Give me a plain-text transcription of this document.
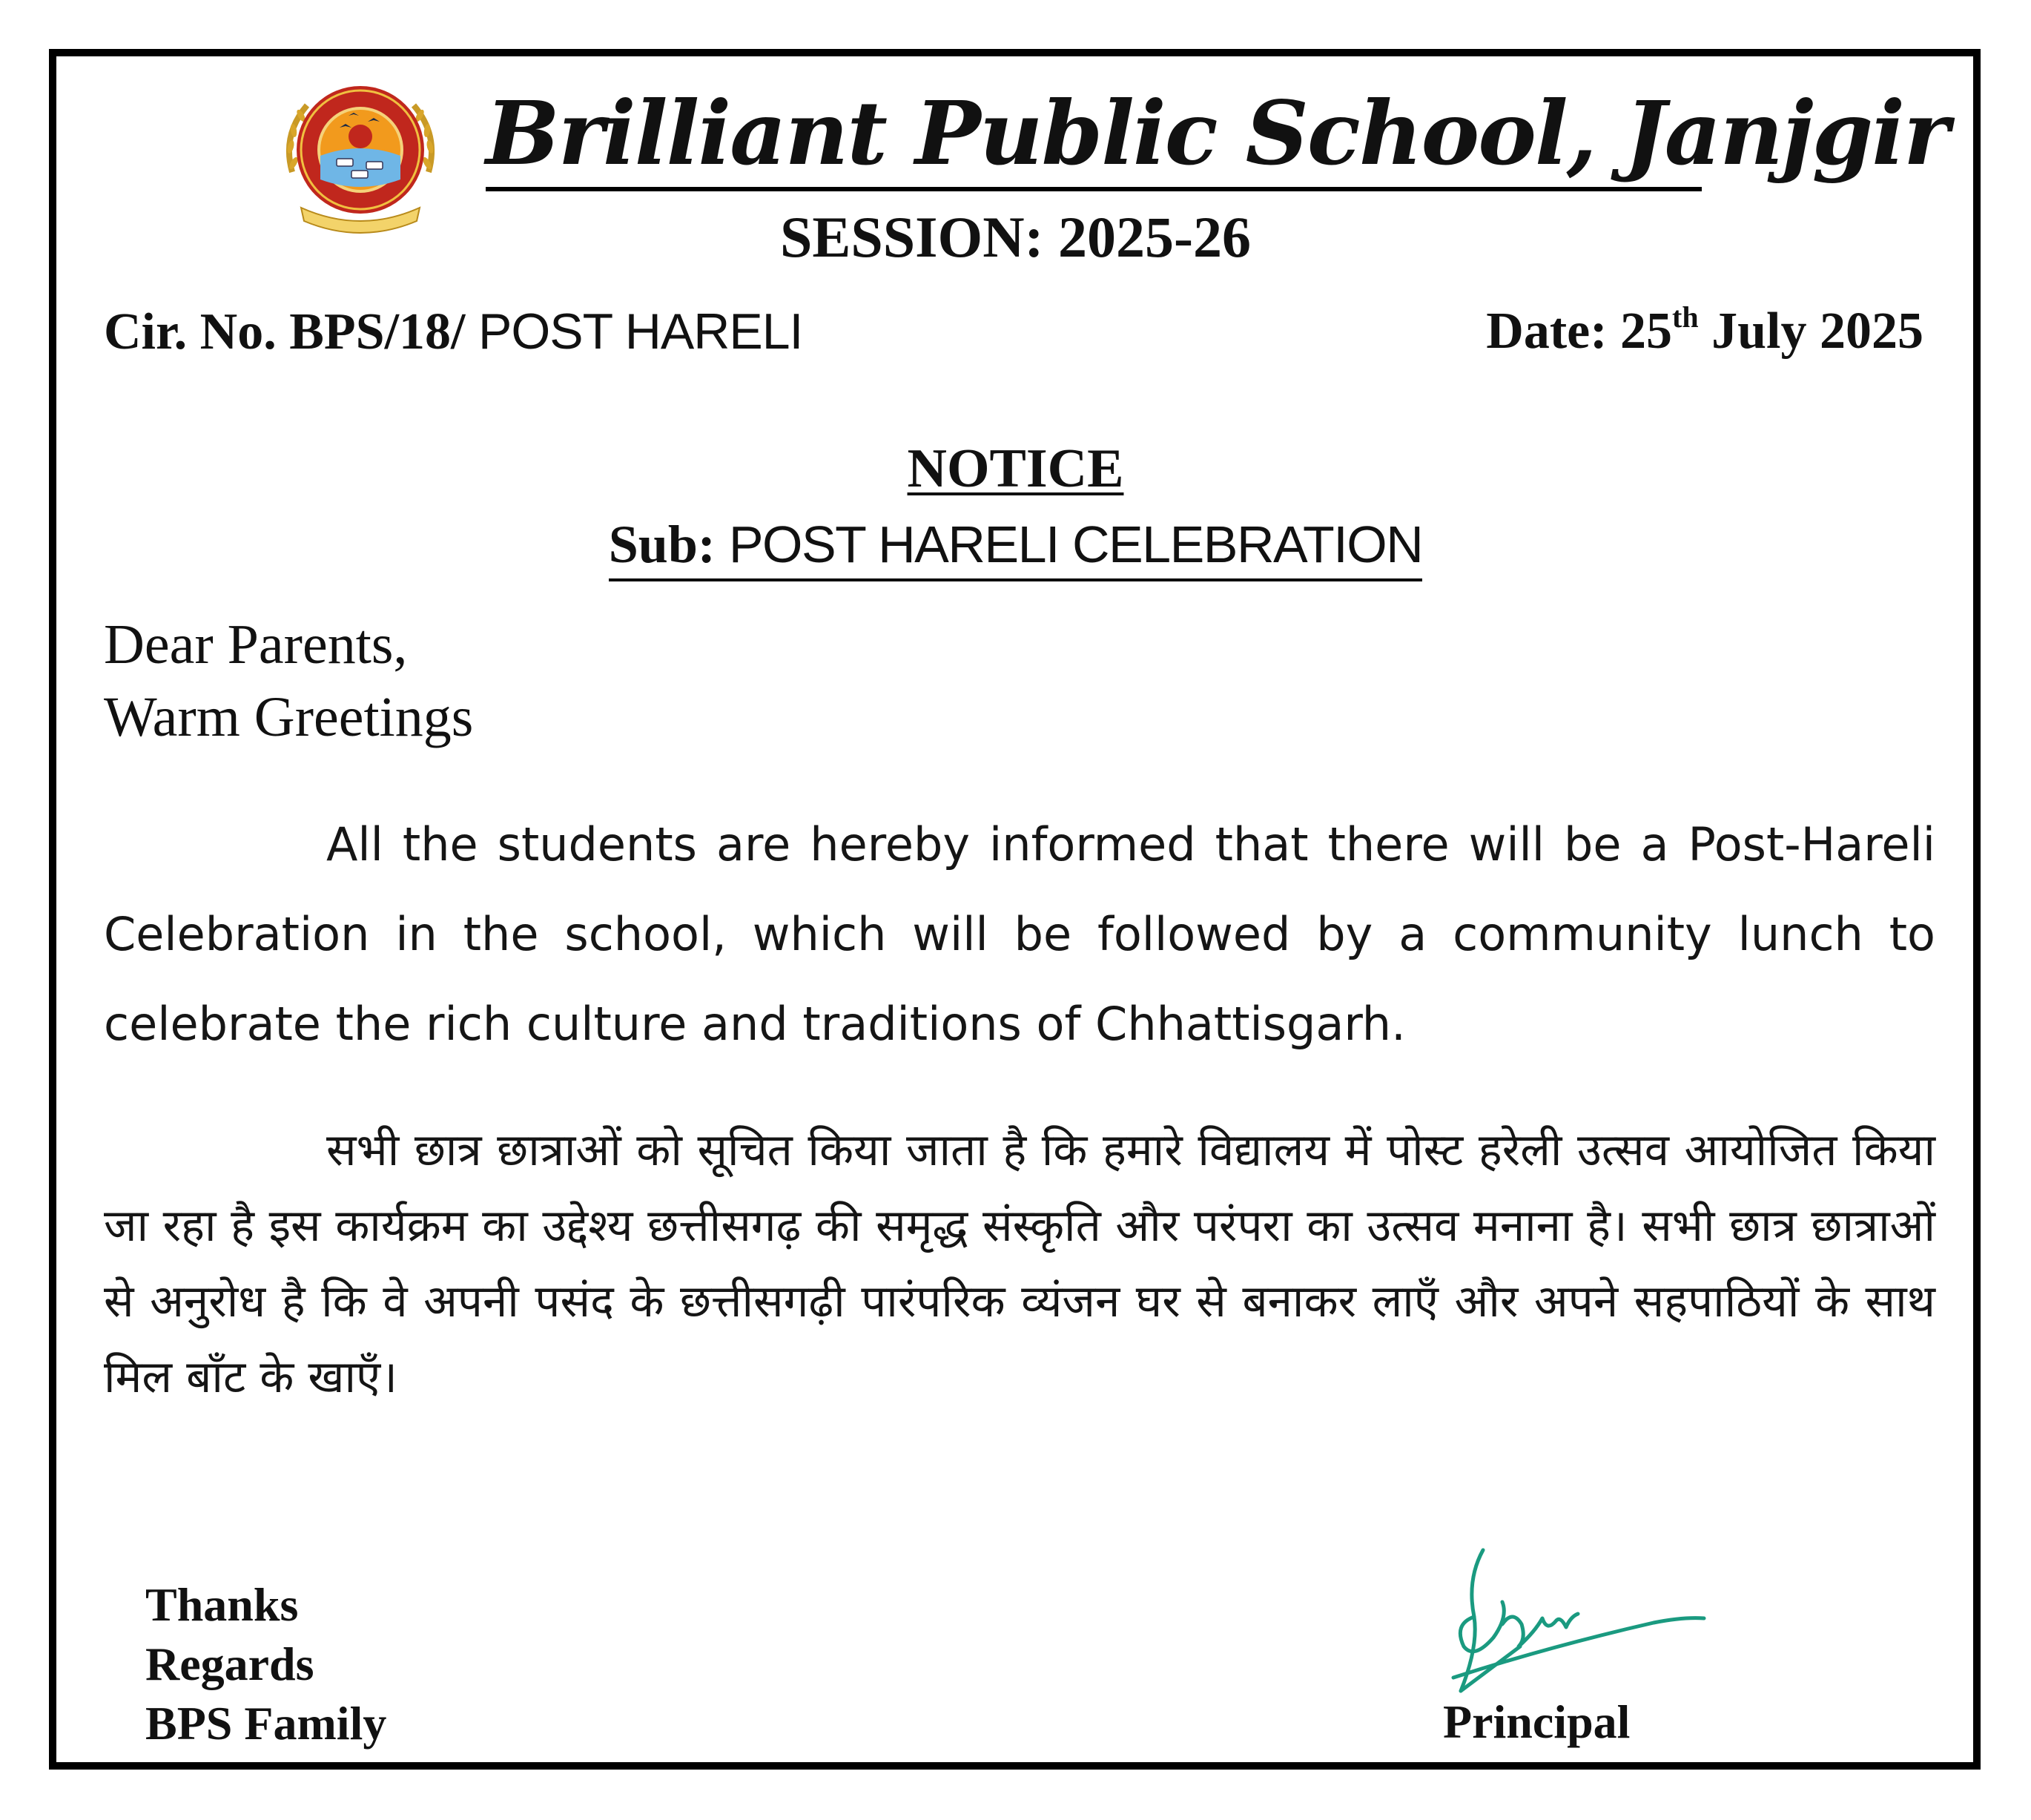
Brilliant Public School, Janjgir
SESSION: 2025-26
Cir. No. BPS/18/ POST HARELI	Date: 25th July 2025
NOTICE
Sub: POST HARELI CELEBRATION
Dear Parents,
Warm Greetings
All the students are hereby informed that there will be a Post-Hareli Celebration in the school, which will be followed by a community lunch to celebrate the rich culture and traditions of Chhattisgarh.
सभी छात्र छात्राओं को सूचित किया जाता है कि हमारे विद्यालय में पोस्ट हरेली उत्सव आयोजित किया जा रहा है इस कार्यक्रम का उद्देश्य छत्तीसगढ़ की समृद्ध संस्कृति और परंपरा का उत्सव मनाना है। सभी छात्र छात्राओं से अनुरोध है कि वे अपनी पसंद के छत्तीसगढ़ी पारंपरिक व्यंजन घर से बनाकर लाएँ और अपने सहपाठियों के साथ मिल बाँट के खाएँ।
Thanks
Regards
BPS Family	Principal
